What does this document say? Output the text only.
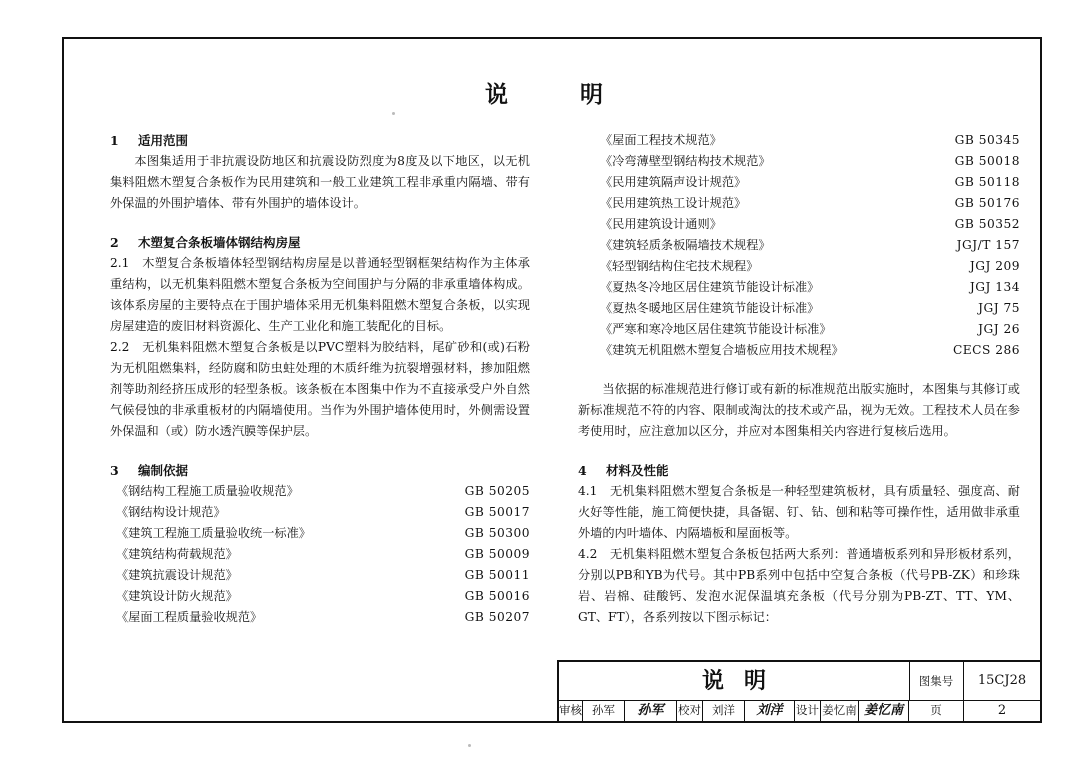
说明
1 适用范围
本图集适用于非抗震设防地区和抗震设防烈度为8度及以下地区，以无机集料阻燃木塑复合条板作为民用建筑和一般工业建筑工程非承重内隔墙、带有外保温的外围护墙体、带有外围护的墙体设计。
2 木塑复合条板墙体钢结构房屋
2.1　木塑复合条板墙体轻型钢结构房屋是以普通轻型钢框架结构作为主体承重结构，以无机集料阻燃木塑复合条板为空间围护与分隔的非承重墙体构成。该体系房屋的主要特点在于围护墙体采用无机集料阻燃木塑复合条板，以实现房屋建造的废旧材料资源化、生产工业化和施工装配化的目标。
2.2　无机集料阻燃木塑复合条板是以PVC塑料为胶结料，尾矿砂和(或)石粉为无机阻燃集料，经防腐和防虫蛀处理的木质纤维为抗裂增强材料，掺加阻燃剂等助剂经挤压成形的轻型条板。该条板在本图集中作为不直接承受户外自然气候侵蚀的非承重板材的内隔墙使用。当作为外围护墙体使用时，外侧需设置外保温和（或）防水透汽膜等保护层。
3 编制依据
《钢结构工程施工质量验收规范》	GB 50205
《钢结构设计规范》	GB 50017
《建筑工程施工质量验收统一标准》	GB 50300
《建筑结构荷载规范》	GB 50009
《建筑抗震设计规范》	GB 50011
《建筑设计防火规范》	GB 50016
《屋面工程质量验收规范》	GB 50207
《屋面工程技术规范》	GB 50345
《冷弯薄壁型钢结构技术规范》	GB 50018
《民用建筑隔声设计规范》	GB 50118
《民用建筑热工设计规范》	GB 50176
《民用建筑设计通则》	GB 50352
《建筑轻质条板隔墙技术规程》	JGJ/T 157
《轻型钢结构住宅技术规程》	JGJ 209
《夏热冬冷地区居住建筑节能设计标准》	JGJ 134
《夏热冬暖地区居住建筑节能设计标准》	JGJ 75
《严寒和寒冷地区居住建筑节能设计标准》	JGJ 26
《建筑无机阻燃木塑复合墙板应用技术规程》	CECS 286
当依据的标准规范进行修订或有新的标准规范出版实施时，本图集与其修订或新标准规范不符的内容、限制或淘汰的技术或产品，视为无效。工程技术人员在参考使用时，应注意加以区分，并应对本图集相关内容进行复核后选用。
4 材料及性能
4.1　无机集料阻燃木塑复合条板是一种轻型建筑板材，具有质量轻、强度高、耐火好等性能，施工简便快捷，具备锯、钉、钻、刨和粘等可操作性，适用做非承重外墙的内叶墙体、内隔墙板和屋面板等。
4.2　无机集料阻燃木塑复合条板包括两大系列：普通墙板系列和异形板材系列，分别以PB和YB为代号。其中PB系列中包括中空复合条板（代号PB-ZK）和珍珠岩、岩棉、硅酸钙、发泡水泥保温填充条板（代号分别为PB-ZT、TT、YM、GT、FT），各系列按以下图示标记：
说明	图集号	15CJ28
审核 孙军	孙军	校对 刘洋	刘洋	设计 姜忆南 姜忆南	页	2
